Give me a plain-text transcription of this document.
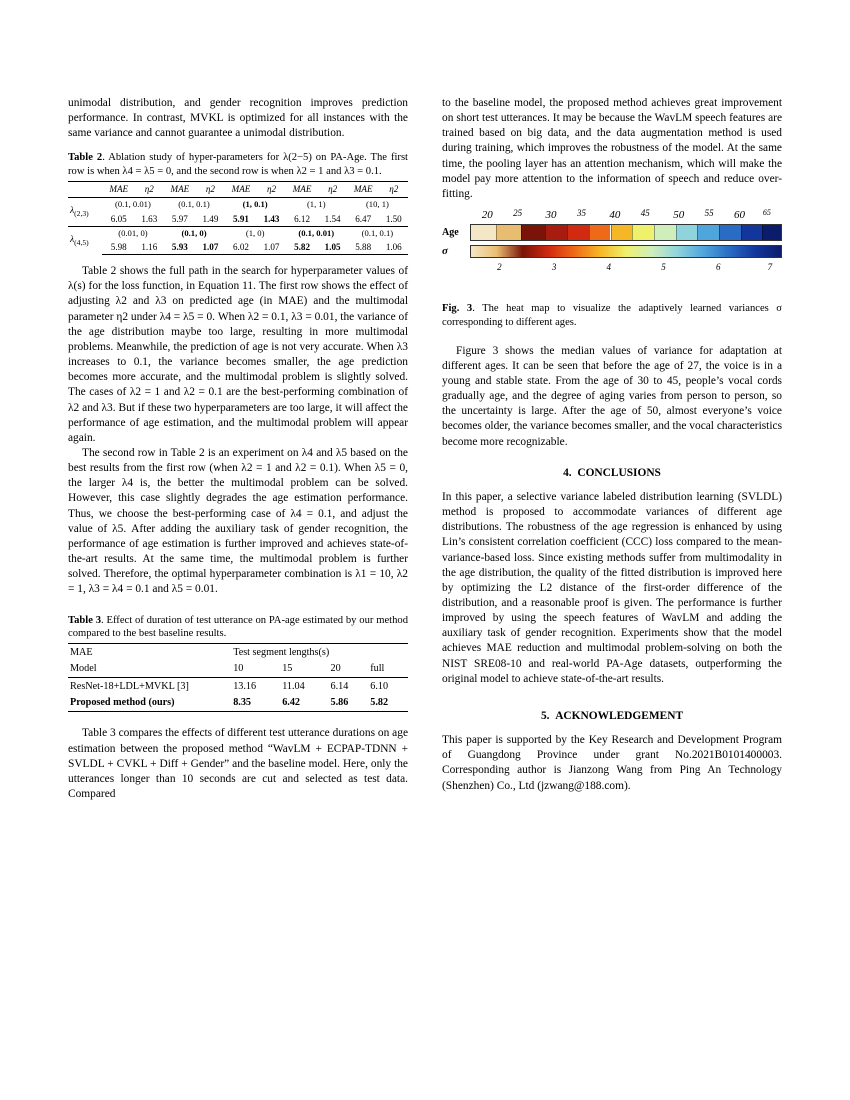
unimodal distribution, and gender recognition improves prediction performance. In contrast, MVKL is optimized for all instances with the same variance and cannot guarantee a unimodal distribution.

Table 2. Ablation study of hyper-parameters for λ(2−5) on PA-Age. The first row is when λ4 = λ5 = 0, and the second row is when λ2 = 1 and λ3 = 0.1.

	MAE	η2	MAE	η2	MAE	η2	MAE	η2	MAE	η2
$\lambda_{(2,3)}$	(0.1, 0.01)		(0.1, 0.1)		(1, 0.1)		(1, 1)		(10, 1)	
	6.05	1.63	5.97	1.49	5.91	1.43	6.12	1.54	6.47	1.50
$\lambda_{(4,5)}$	(0.01, 0)		(0.1, 0)		(1, 0)		(0.1, 0.01)		(0.1, 0.1)	
	5.98	1.16	5.93	1.07	6.02	1.07	5.82	1.05	5.88	1.06

Table 2 shows the full path in the search for hyperparameter values of λ(s) for the loss function, in Equation 11. The first row shows the effect of adjusting λ2 and λ3 on predicted age (in MAE) and the multimodal parameter η2 under λ4 = λ5 = 0. When λ2 = 0.1, λ3 = 0.01, the variance of the age distribution maybe too large, resulting in more multimodal problems. Meanwhile, the prediction of age is not very accurate. When λ3 increases to 0.1, the variance becomes smaller, the age prediction becomes more accurate, and the multimodal problem is slightly solved. The cases of λ2 = 1 and λ2 = 0.1 are the best-performing combination of λ2 and λ3. But if these two hyperparameters are too large, it will affect the performance of age estimation, and the multimodal problem will appear again.

The second row in Table 2 is an experiment on λ4 and λ5 based on the best results from the first row (when λ2 = 1 and λ2 = 0.1). When λ5 = 0, the larger λ4 is, the better the multimodal problem can be solved. However, this case slightly degrades the age estimation performance. Thus, we choose the best-performing case of λ4 = 0.1, and adjust the value of λ5. After adding the auxiliary task of gender recognition, the performance of age estimation is further improved and achieves state-of-the-art results. At the same time, the multimodal problem is further solved. Therefore, the optimal hyperparameter combination is λ1 = 10, λ2 = 1, λ3 = λ4 = 0.1 and λ5 = 0.01.

Table 3. Effect of duration of test utterance on PA-age estimated by our method compared to the best baseline results.

MAE	Test segment lengths(s)			
Model	10	15	20	full
ResNet-18+LDL+MVKL [3]	13.16	11.04	6.14	6.10
Proposed method (ours)	8.35	6.42	5.86	5.82

Table 3 compares the effects of different test utterance durations on age estimation between the proposed method “WavLM + ECPAP-TDNN + SVLDL + CVKL + Diff + Gender” and the baseline model. Here, only the utterances longer than 10 seconds are cut and selected as test data. Compared

to the baseline model, the proposed method achieves great improvement on short test utterances. It may be because the WavLM speech features are trained based on big data, and the data augmentation method is used during training, which improves the robustness of the model. At the same time, the pooling layer has an attention mechanism, which will make the model pay more attention to the information of speech and reduce over-fitting.

20 25 30 35 40 45 50 55 60 65
Age
σ
2	3	4	5	6	7

Fig. 3. The heat map to visualize the adaptively learned variances σ corresponding to different ages.

Figure 3 shows the median values of variance for adaptation at different ages. It can be seen that before the age of 27, the voice is in a young and stable state. From the age of 30 to 45, people’s vocal cords gradually age, and the degree of aging varies from person to person, so the uncertainty is large. After the age of 50, almost everyone’s voice becomes older, the variance becomes smaller, and the vocal characteristics become more recognizable.

4. CONCLUSIONS

In this paper, a selective variance labeled distribution learning (SVLDL) method is proposed to accommodate variances of different age distributions. The robustness of the age regression is enhanced by using Lin’s consistent correlation coefficient (CCC) loss compared to the mean-variance-based loss. Since existing methods suffer from multimodality in the age distribution, the quality of the fitted distribution is improved here by optimizing the L2 distance of the first-order difference of the distribution, and a reasonable proof is given. The performance is further improved by using the speech features of WavLM and adding the auxiliary task of gender recognition. Experiments show that the model achieves MAE reduction and multimodal problem-solving on both the NIST SRE08-10 and real-world PA-Age datasets, outperforming the original model to achieve state-of-the-art results.

5. ACKNOWLEDGEMENT

This paper is supported by the Key Research and Development Program of Guangdong Province under grant No.2021B0101400003. Corresponding author is Jianzong Wang from Ping An Technology (Shenzhen) Co., Ltd (jzwang@188.com).
